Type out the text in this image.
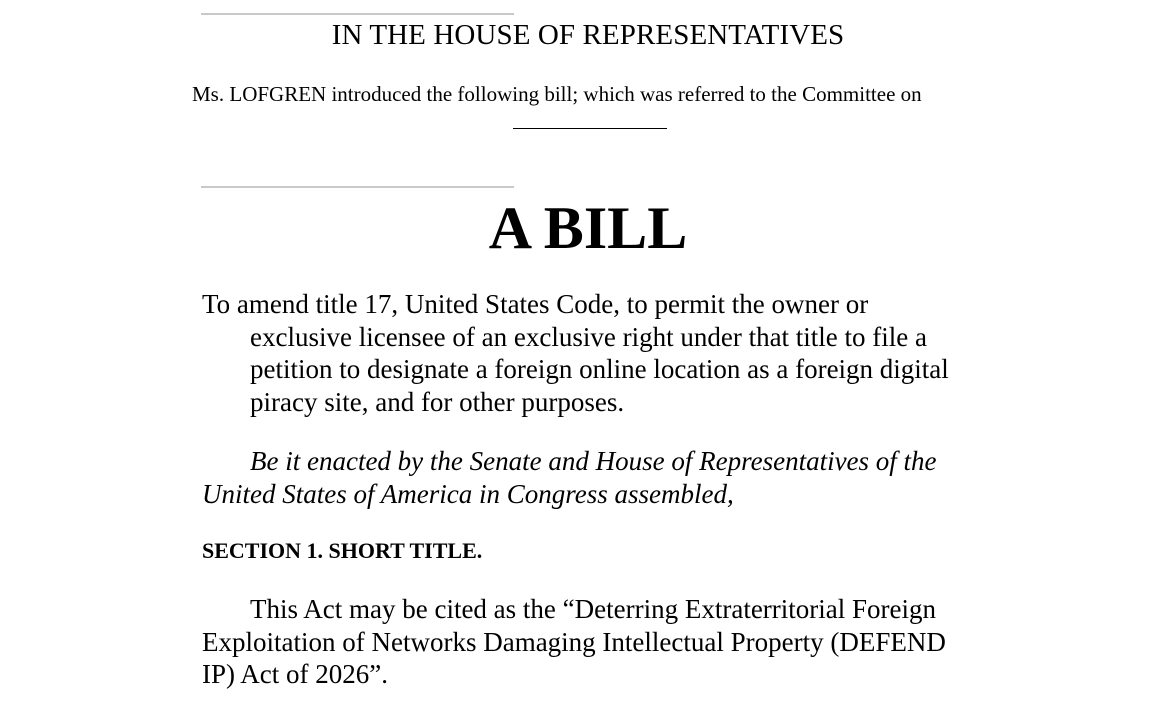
IN THE HOUSE OF REPRESENTATIVES
Ms. LOFGREN introduced the following bill; which was referred to the Committee on
A BILL
To amend title 17, United States Code, to permit the owner or
exclusive licensee of an exclusive right under that title to file a
petition to designate a foreign online location as a foreign digital
piracy site, and for other purposes.
Be it enacted by the Senate and House of Representatives of the
United States of America in Congress assembled,
SECTION 1. SHORT TITLE.
This Act may be cited as the “Deterring Extraterritorial Foreign
Exploitation of Networks Damaging Intellectual Property (DEFEND
IP) Act of 2026”.
